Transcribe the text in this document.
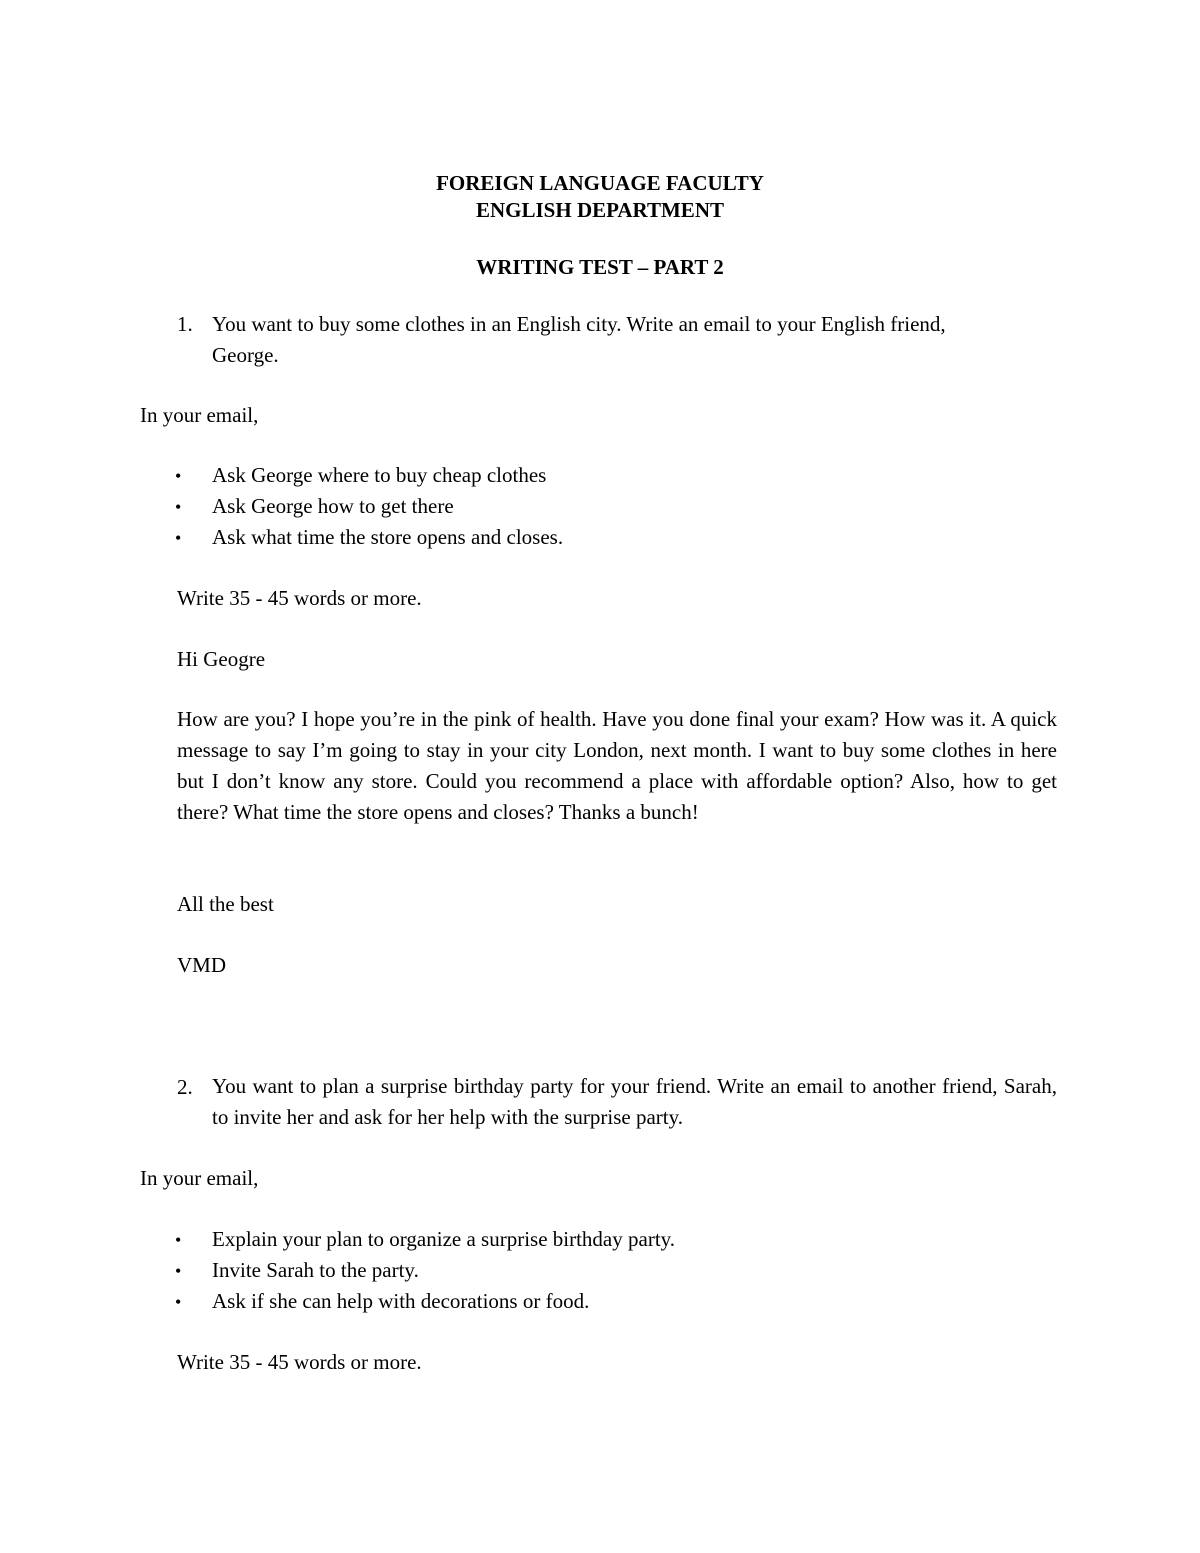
FOREIGN LANGUAGE FACULTY
ENGLISH DEPARTMENT
WRITING TEST – PART 2
1. You want to buy some clothes in an English city. Write an email to your English friend,
George.
In your email,
• Ask George where to buy cheap clothes
• Ask George how to get there
• Ask what time the store opens and closes.
Write 35 - 45 words or more.
Hi Geogre
How are you? I hope you’re in the pink of health. Have you done final your exam? How was it. A quick message to say I’m going to stay in your city London, next month. I want to buy some clothes in here but I don’t know any store. Could you recommend a place with affordable option? Also, how to get there? What time the store opens and closes? Thanks a bunch!
All the best
VMD
2. You want to plan a surprise birthday party for your friend. Write an email to another friend, Sarah, to invite her and ask for her help with the surprise party.
In your email,
• Explain your plan to organize a surprise birthday party.
• Invite Sarah to the party.
• Ask if she can help with decorations or food.
Write 35 - 45 words or more.
